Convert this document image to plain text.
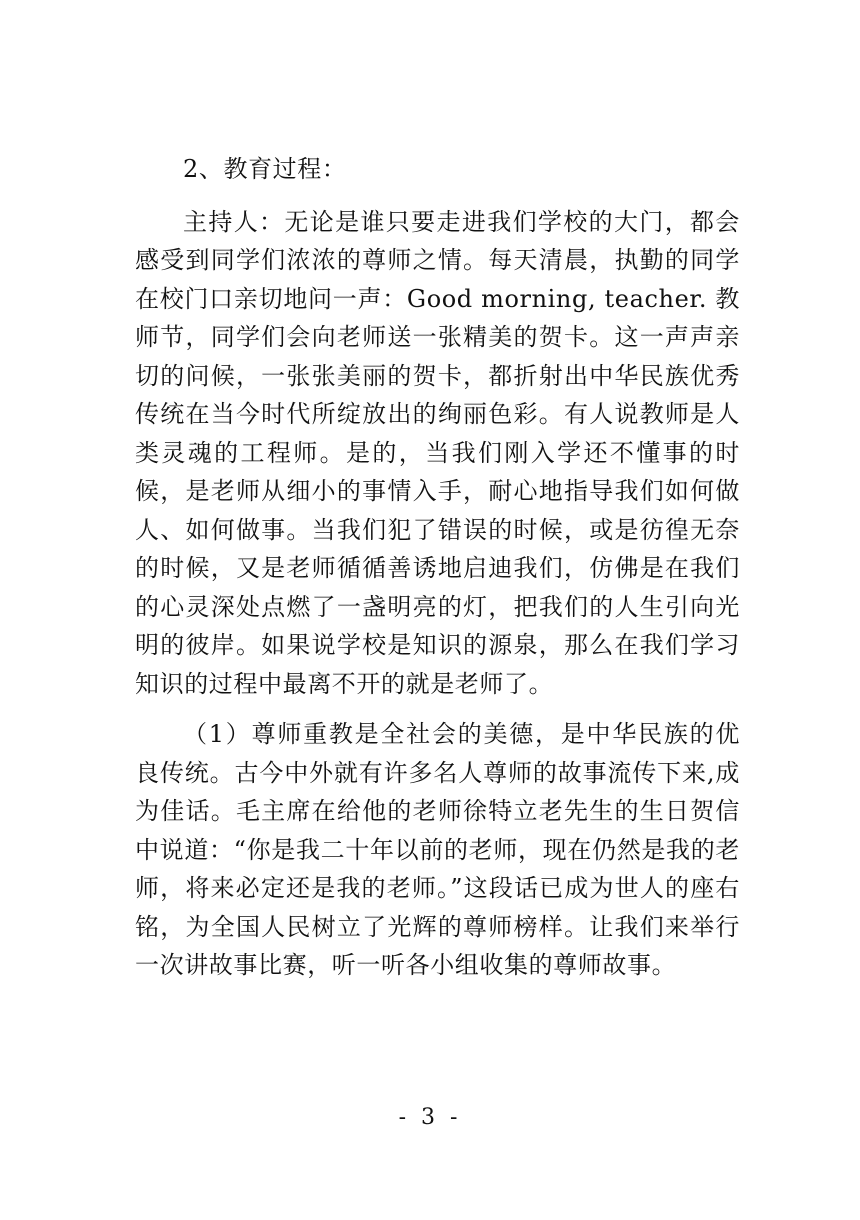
2、教育过程：

主持人：无论是谁只要走进我们学校的大门，都会感受到同学们浓浓的尊师之情。每天清晨，执勤的同学在校门口亲切地问一声：Good morning, teacher. 教师节，同学们会向老师送一张精美的贺卡。这一声声亲切的问候，一张张美丽的贺卡，都折射出中华民族优秀传统在当今时代所绽放出的绚丽色彩。有人说教师是人类灵魂的工程师。是的，当我们刚入学还不懂事的时候，是老师从细小的事情入手，耐心地指导我们如何做人、如何做事。当我们犯了错误的时候，或是彷徨无奈的时候，又是老师循循善诱地启迪我们，仿佛是在我们的心灵深处点燃了一盏明亮的灯，把我们的人生引向光明的彼岸。如果说学校是知识的源泉，那么在我们学习知识的过程中最离不开的就是老师了。

（1）尊师重教是全社会的美德，是中华民族的优良传统。古今中外就有许多名人尊师的故事流传下来,成为佳话。毛主席在给他的老师徐特立老先生的生日贺信中说道：“你是我二十年以前的老师，现在仍然是我的老师，将来必定还是我的老师。”这段话已成为世人的座右铭，为全国人民树立了光辉的尊师榜样。让我们来举行一次讲故事比赛，听一听各小组收集的尊师故事。

- 3 -
